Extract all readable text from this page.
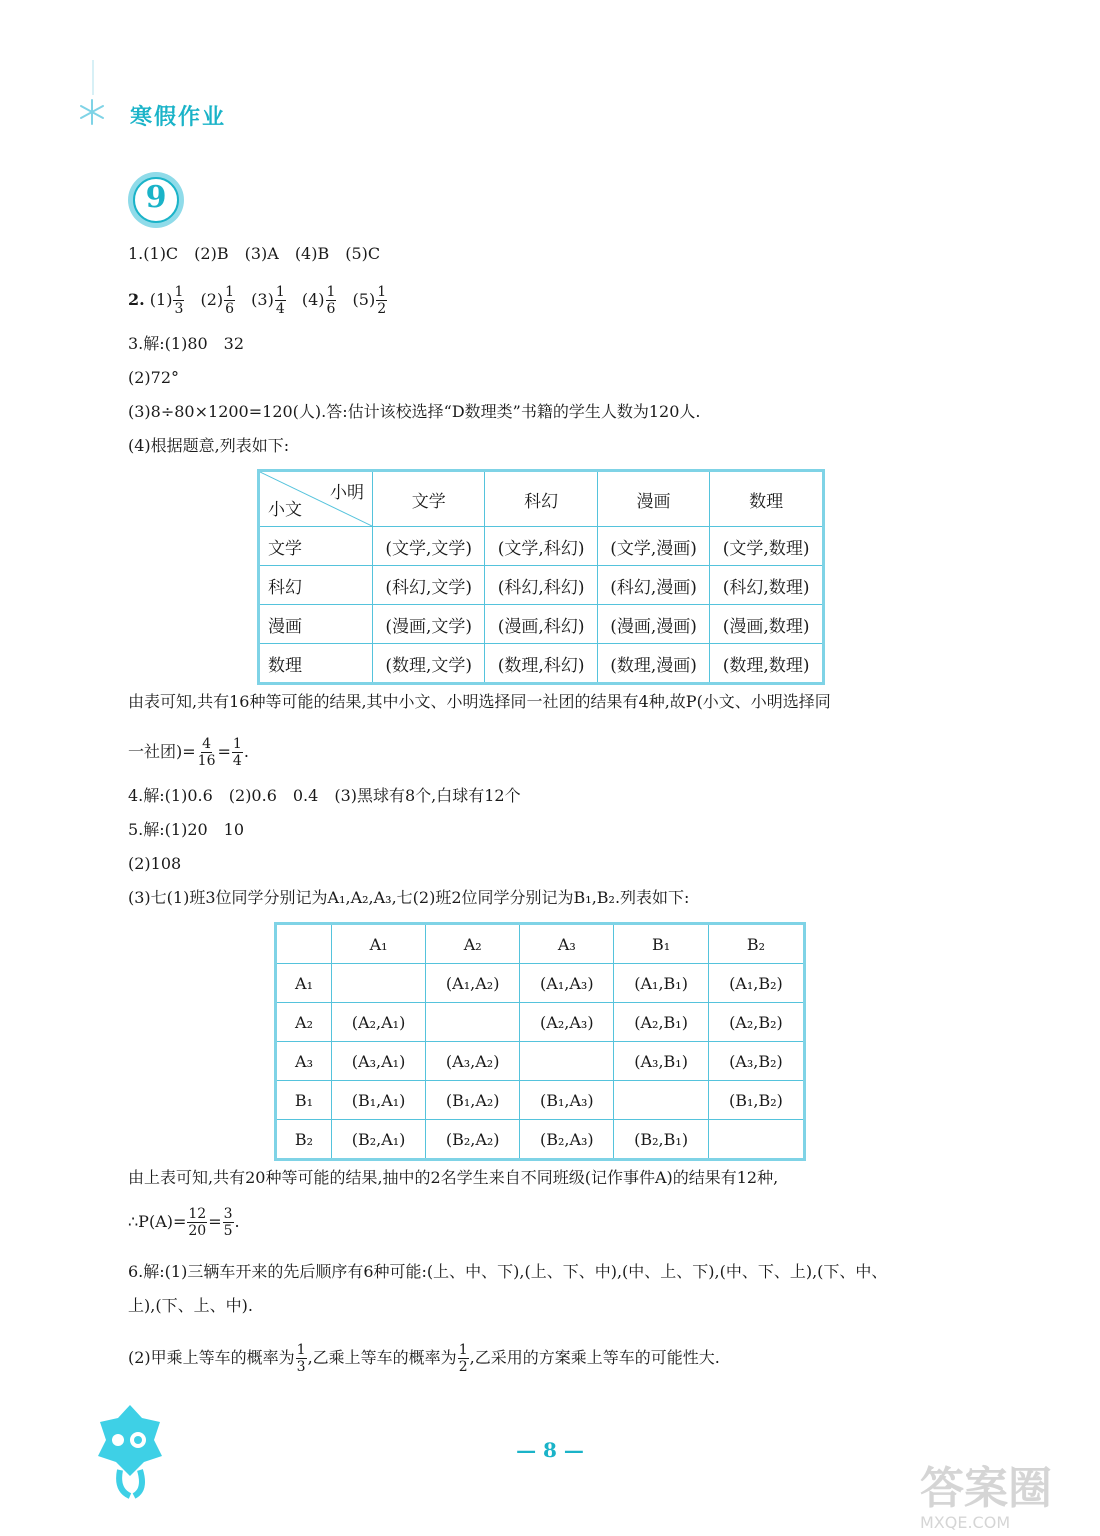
寒假作业
9
1.(1)C　(2)B　(3)A　(4)B　(5)C
2. $(1) \frac{1}{3} (2) \frac{1}{6} (3) \frac{1}{4} (4) \frac{1}{6} (5) \frac{1}{2}$
3.解:(1)80　32
(2)72°
(3)8÷80×1200=120(人).答:估计该校选择“D数理类”书籍的学生人数为120人.
(4)根据题意,列表如下:
小明
小文	文学	科幻	漫画	数理
文学	(文学,文学)	(文学,科幻)	(文学,漫画)	(文学,数理)
科幻	(科幻,文学)	(科幻,科幻)	(科幻,漫画)	(科幻,数理)
漫画	(漫画,文学)	(漫画,科幻)	(漫画,漫画)	(漫画,数理)
数理	(数理,文学)	(数理,科幻)	(数理,漫画)	(数理,数理)
由表可知,共有16种等可能的结果,其中小文、小明选择同一社团的结果有4种,故P(小文、小明选择同
一社团)= $\frac{4}{16} = \frac{1}{4}$ .
4.解:(1)0.6　(2)0.6　0.4　(3)黑球有8个,白球有12个
5.解:(1)20　10
(2)108
(3)七(1)班3位同学分别记为A₁,A₂,A₃,七(2)班2位同学分别记为B₁,B₂.列表如下:
	A₁	A₂	A₃	B₁	B₂
A₁		(A₁,A₂)	(A₁,A₃)	(A₁,B₁)	(A₁,B₂)
A₂	(A₂,A₁)		(A₂,A₃)	(A₂,B₁)	(A₂,B₂)
A₃	(A₃,A₁)	(A₃,A₂)		(A₃,B₁)	(A₃,B₂)
B₁	(B₁,A₁)	(B₁,A₂)	(B₁,A₃)		(B₁,B₂)
B₂	(B₂,A₁)	(B₂,A₂)	(B₂,A₃)	(B₂,B₁)	
由上表可知,共有20种等可能的结果,抽中的2名学生来自不同班级(记作事件A)的结果有12种,
∴P(A)= $\frac{12}{20} = \frac{3}{5}$ .
6.解:(1)三辆车开来的先后顺序有6种可能:(上、中、下),(上、下、中),(中、上、下),(中、下、上),(下、中、
上),(下、上、中).
(2)甲乘上等车的概率为 $\frac{1}{3}$ ,乙乘上等车的概率为 $\frac{1}{2}$ ,乙采用的方案乘上等车的可能性大.
— 8 —
答案圈
MXQE.COM
